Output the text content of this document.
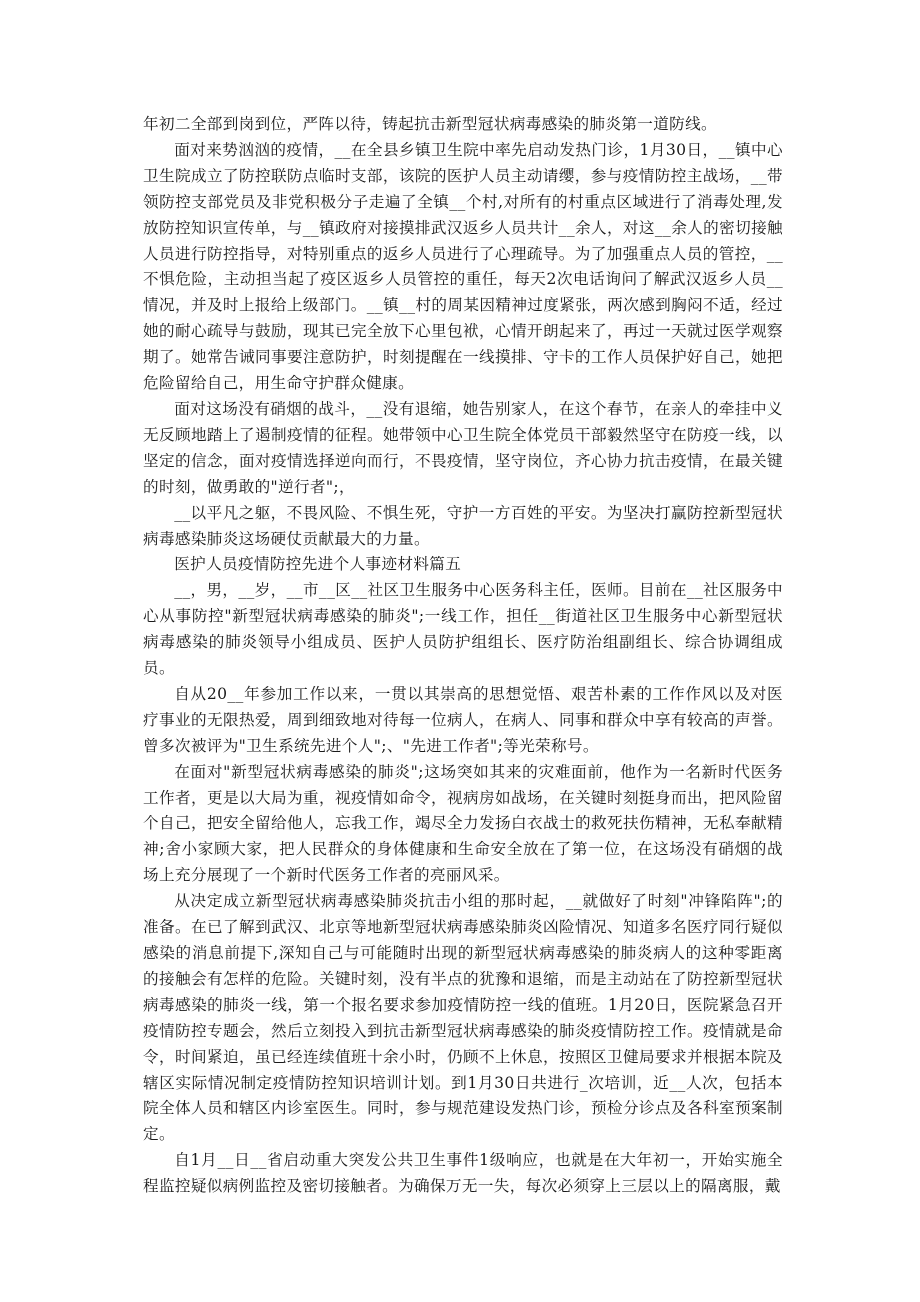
年初二全部到岗到位，严阵以待，铸起抗击新型冠状病毒感染的肺炎第一道防线。

面对来势汹汹的疫情，__在全县乡镇卫生院中率先启动发热门诊，1月30日，__镇中心卫生院成立了防控联防点临时支部，该院的医护人员主动请缨，参与疫情防控主战场，__带领防控支部党员及非党积极分子走遍了全镇__个村,对所有的村重点区域进行了消毒处理,发放防控知识宣传单，与__镇政府对接摸排武汉返乡人员共计__余人，对这__余人的密切接触人员进行防控指导，对特别重点的返乡人员进行了心理疏导。为了加强重点人员的管控，__不惧危险，主动担当起了疫区返乡人员管控的重任，每天2次电话询问了解武汉返乡人员__情况，并及时上报给上级部门。__镇__村的周某因精神过度紧张，两次感到胸闷不适，经过她的耐心疏导与鼓励，现其已完全放下心里包袱，心情开朗起来了，再过一天就过医学观察期了。她常告诫同事要注意防护，时刻提醒在一线摸排、守卡的工作人员保护好自己，她把危险留给自己，用生命守护群众健康。

面对这场没有硝烟的战斗，__没有退缩，她告别家人，在这个春节，在亲人的牵挂中义无反顾地踏上了遏制疫情的征程。她带领中心卫生院全体党员干部毅然坚守在防疫一线，以坚定的信念，面对疫情选择逆向而行，不畏疫情，坚守岗位，齐心协力抗击疫情，在最关键的时刻，做勇敢的"逆行者";，

__以平凡之躯，不畏风险、不惧生死，守护一方百姓的平安。为坚决打赢防控新型冠状病毒感染肺炎这场硬仗贡献最大的力量。

医护人员疫情防控先进个人事迹材料篇五

__，男，__岁，__市__区__社区卫生服务中心医务科主任，医师。目前在__社区服务中心从事防控"新型冠状病毒感染的肺炎";一线工作，担任__街道社区卫生服务中心新型冠状病毒感染的肺炎领导小组成员、医护人员防护组组长、医疗防治组副组长、综合协调组成员。

自从20__年参加工作以来，一贯以其崇高的思想觉悟、艰苦朴素的工作作风以及对医疗事业的无限热爱，周到细致地对待每一位病人，在病人、同事和群众中享有较高的声誉。曾多次被评为"卫生系统先进个人";、"先进工作者";等光荣称号。

在面对"新型冠状病毒感染的肺炎";这场突如其来的灾难面前，他作为一名新时代医务工作者，更是以大局为重，视疫情如命令，视病房如战场，在关键时刻挺身而出，把风险留个自己，把安全留给他人，忘我工作，竭尽全力发扬白衣战士的救死扶伤精神，无私奉献精神;舍小家顾大家，把人民群众的身体健康和生命安全放在了第一位，在这场没有硝烟的战场上充分展现了一个新时代医务工作者的亮丽风采。

从决定成立新型冠状病毒感染肺炎抗击小组的那时起，__就做好了时刻"冲锋陷阵";的准备。在已了解到武汉、北京等地新型冠状病毒感染肺炎凶险情况、知道多名医疗同行疑似感染的消息前提下,深知自己与可能随时出现的新型冠状病毒感染的肺炎病人的这种零距离的接触会有怎样的危险。关键时刻，没有半点的犹豫和退缩，而是主动站在了防控新型冠状病毒感染的肺炎一线，第一个报名要求参加疫情防控一线的值班。1月20日，医院紧急召开疫情防控专题会，然后立刻投入到抗击新型冠状病毒感染的肺炎疫情防控工作。疫情就是命令，时间紧迫，虽已经连续值班十余小时，仍顾不上休息，按照区卫健局要求并根据本院及辖区实际情况制定疫情防控知识培训计划。到1月30日共进行_次培训，近__人次，包括本院全体人员和辖区内诊室医生。同时，参与规范建设发热门诊，预检分诊点及各科室预案制定。

自1月__日__省启动重大突发公共卫生事件1级响应，也就是在大年初一，开始实施全程监控疑似病例监控及密切接触者。为确保万无一失，每次必须穿上三层以上的隔离服，戴
